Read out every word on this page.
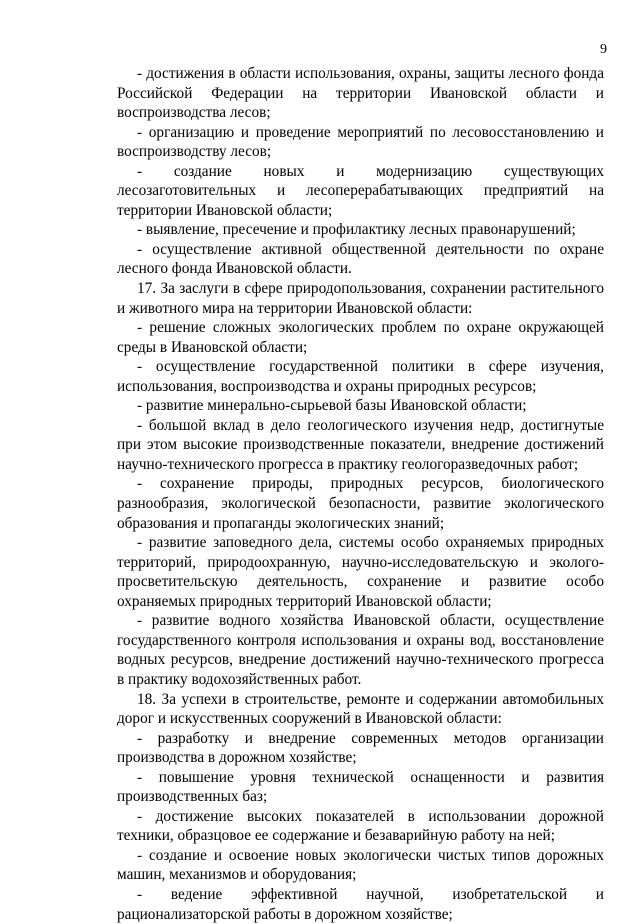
9

- достижения в области использования, охраны, защиты лесного фонда Российской Федерации на территории Ивановской области и воспроизводства лесов;

- организацию и проведение мероприятий по лесовосстановлению и воспроизводству лесов;

- создание новых и модернизацию существующих лесозаготовительных и лесоперерабатывающих предприятий на территории Ивановской области;

- выявление, пресечение и профилактику лесных правонарушений;

- осуществление активной общественной деятельности по охране лесного фонда Ивановской области.

17. За заслуги в сфере природопользования, сохранении растительного и животного мира на территории Ивановской области:

- решение сложных экологических проблем по охране окружающей среды в Ивановской области;

- осуществление государственной политики в сфере изучения, использования, воспроизводства и охраны природных ресурсов;

- развитие минерально-сырьевой базы Ивановской области;

- большой вклад в дело геологического изучения недр, достигнутые при этом высокие производственные показатели, внедрение достижений научно-технического прогресса в практику геологоразведочных работ;

- сохранение природы, природных ресурсов, биологического разнообразия, экологической безопасности, развитие экологического образования и пропаганды экологических знаний;

- развитие заповедного дела, системы особо охраняемых природных территорий, природоохранную, научно-исследовательскую и эколого-просветительскую деятельность, сохранение и развитие особо охраняемых природных территорий Ивановской области;

- развитие водного хозяйства Ивановской области, осуществление государственного контроля использования и охраны вод, восстановление водных ресурсов, внедрение достижений научно-технического прогресса в практику водохозяйственных работ.

18. За успехи в строительстве, ремонте и содержании автомобильных дорог и искусственных сооружений в Ивановской области:

- разработку и внедрение современных методов организации производства в дорожном хозяйстве;

- повышение уровня технической оснащенности и развития производственных баз;

- достижение высоких показателей в использовании дорожной техники, образцовое ее содержание и безаварийную работу на ней;

- создание и освоение новых экологически чистых типов дорожных машин, механизмов и оборудования;

- ведение эффективной научной, изобретательской и рационализаторской работы в дорожном хозяйстве;
